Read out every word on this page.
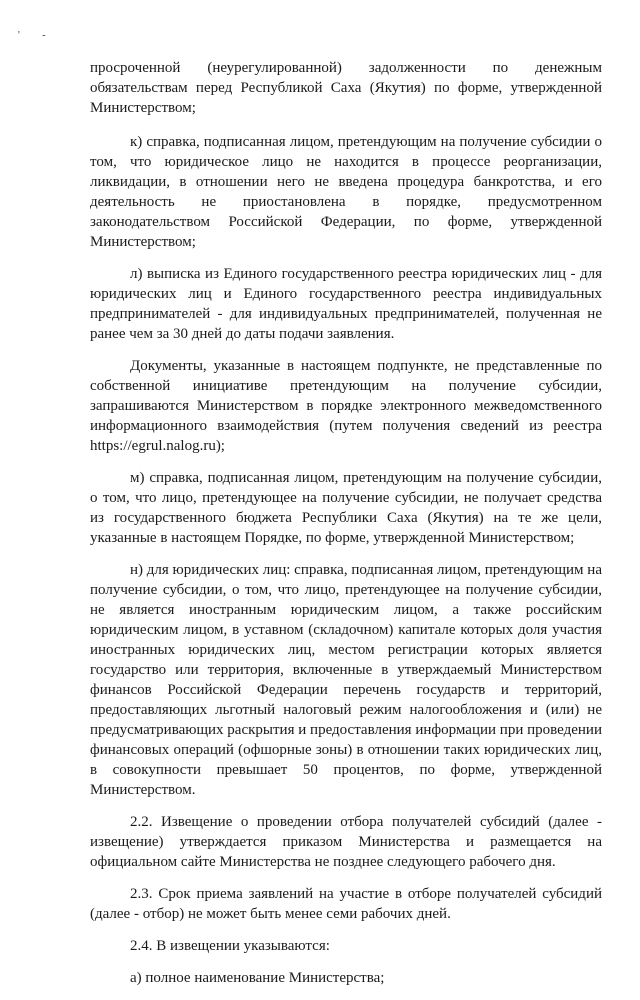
' -

просроченной (неурегулированной) задолженности по денежным обязательствам перед Республикой Саха (Якутия) по форме, утвержденной Министерством;

к) справка, подписанная лицом, претендующим на получение субсидии о том, что юридическое лицо не находится в процессе реорганизации, ликвидации, в отношении него не введена процедура банкротства, и его деятельность не приостановлена в порядке, предусмотренном законодательством Российской Федерации, по форме, утвержденной Министерством;

л) выписка из Единого государственного реестра юридических лиц - для юридических лиц и Единого государственного реестра индивидуальных предпринимателей - для индивидуальных предпринимателей, полученная не ранее чем за 30 дней до даты подачи заявления.

Документы, указанные в настоящем подпункте, не представленные по собственной инициативе претендующим на получение субсидии, запрашиваются Министерством в порядке электронного межведомственного информационного взаимодействия (путем получения сведений из реестра https://egrul.nalog.ru);

м) справка, подписанная лицом, претендующим на получение субсидии, о том, что лицо, претендующее на получение субсидии, не получает средства из государственного бюджета Республики Саха (Якутия) на те же цели, указанные в настоящем Порядке, по форме, утвержденной Министерством;

н) для юридических лиц: справка, подписанная лицом, претендующим на получение субсидии, о том, что лицо, претендующее на получение субсидии, не является иностранным юридическим лицом, а также российским юридическим лицом, в уставном (складочном) капитале которых доля участия иностранных юридических лиц, местом регистрации которых является государство или территория, включенные в утверждаемый Министерством финансов Российской Федерации перечень государств и территорий, предоставляющих льготный налоговый режим налогообложения и (или) не предусматривающих раскрытия и предоставления информации при проведении финансовых операций (офшорные зоны) в отношении таких юридических лиц, в совокупности превышает 50 процентов, по форме, утвержденной Министерством.

2.2. Извещение о проведении отбора получателей субсидий (далее - извещение) утверждается приказом Министерства и размещается на официальном сайте Министерства не позднее следующего рабочего дня.

2.3. Срок приема заявлений на участие в отборе получателей субсидий (далее - отбор) не может быть менее семи рабочих дней.

2.4. В извещении указываются:

а) полное наименование Министерства;
